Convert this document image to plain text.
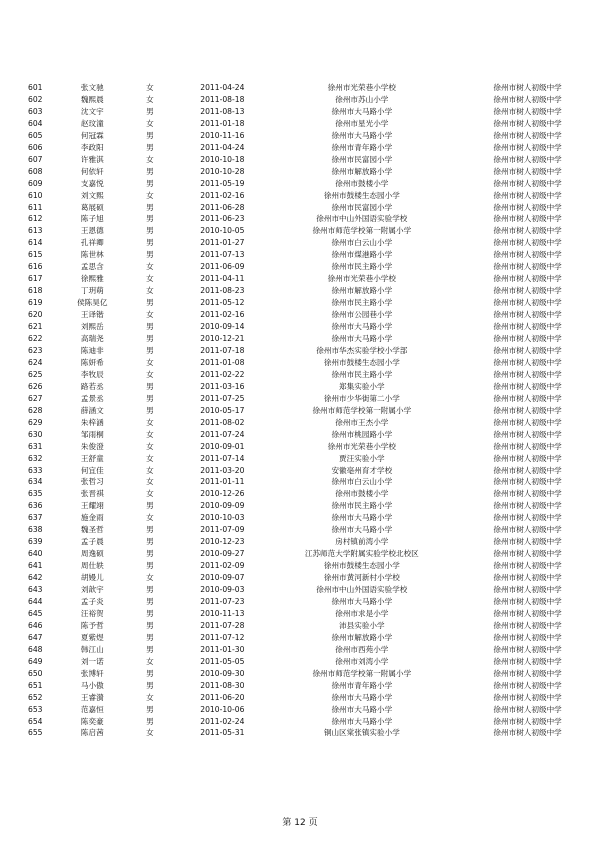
601	张文驰	女	2011-04-24	徐州市光荣巷小学校	徐州市树人初级中学
602	魏熙晨	女	2011-08-18	徐州市苏山小学	徐州市树人初级中学
603	沈文宇	男	2011-08-13	徐州市大马路小学	徐州市树人初级中学
604	赵玟潼	女	2011-01-18	徐州市星光小学	徐州市树人初级中学
605	何冠霖	男	2010-11-16	徐州市大马路小学	徐州市树人初级中学
606	李政阳	男	2011-04-24	徐州市青年路小学	徐州市树人初级中学
607	许雅淇	女	2010-10-18	徐州市民富园小学	徐州市树人初级中学
608	何依轩	男	2010-10-28	徐州市解放路小学	徐州市树人初级中学
609	支嘉悦	男	2011-05-19	徐州市鼓楼小学	徐州市树人初级中学
610	刘文熙	女	2011-02-16	徐州市鼓楼生态园小学	徐州市树人初级中学
611	葛展硕	男	2011-06-28	徐州市民富园小学	徐州市树人初级中学
612	陈子旭	男	2011-06-23	徐州市中山外国语实验学校	徐州市树人初级中学
613	王恩德	男	2010-10-05	徐州市师范学校第一附属小学	徐州市树人初级中学
614	孔祥卿	男	2011-01-27	徐州市白云山小学	徐州市树人初级中学
615	陈世林	男	2011-07-13	徐州市煤港路小学	徐州市树人初级中学
616	孟思含	女	2011-06-09	徐州市民主路小学	徐州市树人初级中学
617	徐熙雅	女	2011-04-11	徐州市光荣巷小学校	徐州市树人初级中学
618	丁玥萌	女	2011-08-23	徐州市解放路小学	徐州市树人初级中学
619	侯陈昊亿	男	2011-05-12	徐州市民主路小学	徐州市树人初级中学
620	王译锴	女	2011-02-16	徐州市公园巷小学	徐州市树人初级中学
621	刘熙岳	男	2010-09-14	徐州市大马路小学	徐州市树人初级中学
622	高瑞尧	男	2010-12-21	徐州市大马路小学	徐州市树人初级中学
623	陈迪非	男	2011-07-18	徐州市华杰实验学校小学部	徐州市树人初级中学
624	陈妍希	女	2011-01-08	徐州市鼓楼生态园小学	徐州市树人初级中学
625	李牧辰	女	2011-02-22	徐州市民主路小学	徐州市树人初级中学
626	路若丞	男	2011-03-16	郑集实验小学	徐州市树人初级中学
627	孟景丞	男	2011-07-25	徐州市少华街第二小学	徐州市树人初级中学
628	薛涵文	男	2010-05-17	徐州市师范学校第一附属小学	徐州市树人初级中学
629	朱梓涵	女	2011-08-02	徐州市王杰小学	徐州市树人初级中学
630	邹雨桐	女	2011-07-24	徐州市桃园路小学	徐州市树人初级中学
631	朱俊澄	女	2010-09-01	徐州市光荣巷小学校	徐州市树人初级中学
632	王舒童	女	2011-07-14	贾汪实验小学	徐州市树人初级中学
633	何宜佳	女	2011-03-20	安徽亳州育才学校	徐州市树人初级中学
634	张哲习	女	2011-01-11	徐州市白云山小学	徐州市树人初级中学
635	张晋祺	女	2010-12-26	徐州市鼓楼小学	徐州市树人初级中学
636	王耀翊	男	2010-09-09	徐州市民主路小学	徐州市树人初级中学
637	施金雨	女	2010-10-03	徐州市大马路小学	徐州市树人初级中学
638	魏圣哲	男	2011-07-09	徐州市大马路小学	徐州市树人初级中学
639	孟子晨	男	2010-12-23	房村镇前湾小学	徐州市树人初级中学
640	周逸硕	男	2010-09-27	江苏师范大学附属实验学校北校区	徐州市树人初级中学
641	周仕轶	男	2011-02-09	徐州市鼓楼生态园小学	徐州市树人初级中学
642	胡嫚儿	女	2010-09-07	徐州市黄河新村小学校	徐州市树人初级中学
643	刘歆宇	男	2010-09-03	徐州市中山外国语实验学校	徐州市树人初级中学
644	孟子炎	男	2011-07-23	徐州市大马路小学	徐州市树人初级中学
645	汪裕贺	男	2010-11-13	徐州市求是小学	徐州市树人初级中学
646	陈予哲	男	2011-07-28	沛县实验小学	徐州市树人初级中学
647	夏紫煜	男	2011-07-12	徐州市解放路小学	徐州市树人初级中学
648	韩江山	男	2011-01-30	徐州市西苑小学	徐州市树人初级中学
649	刘一诺	女	2011-05-05	徐州市刘湾小学	徐州市树人初级中学
650	张博轩	男	2010-09-30	徐州市师范学校第一附属小学	徐州市树人初级中学
651	马小傲	男	2011-08-30	徐州市青年路小学	徐州市树人初级中学
652	王睿漪	女	2011-06-20	徐州市大马路小学	徐州市树人初级中学
653	范嘉恒	男	2010-10-06	徐州市大马路小学	徐州市树人初级中学
654	陈奕豪	男	2011-02-24	徐州市大马路小学	徐州市树人初级中学
655	陈启茜	女	2011-05-31	铜山区棠张镇实验小学	徐州市树人初级中学
第 12 页
